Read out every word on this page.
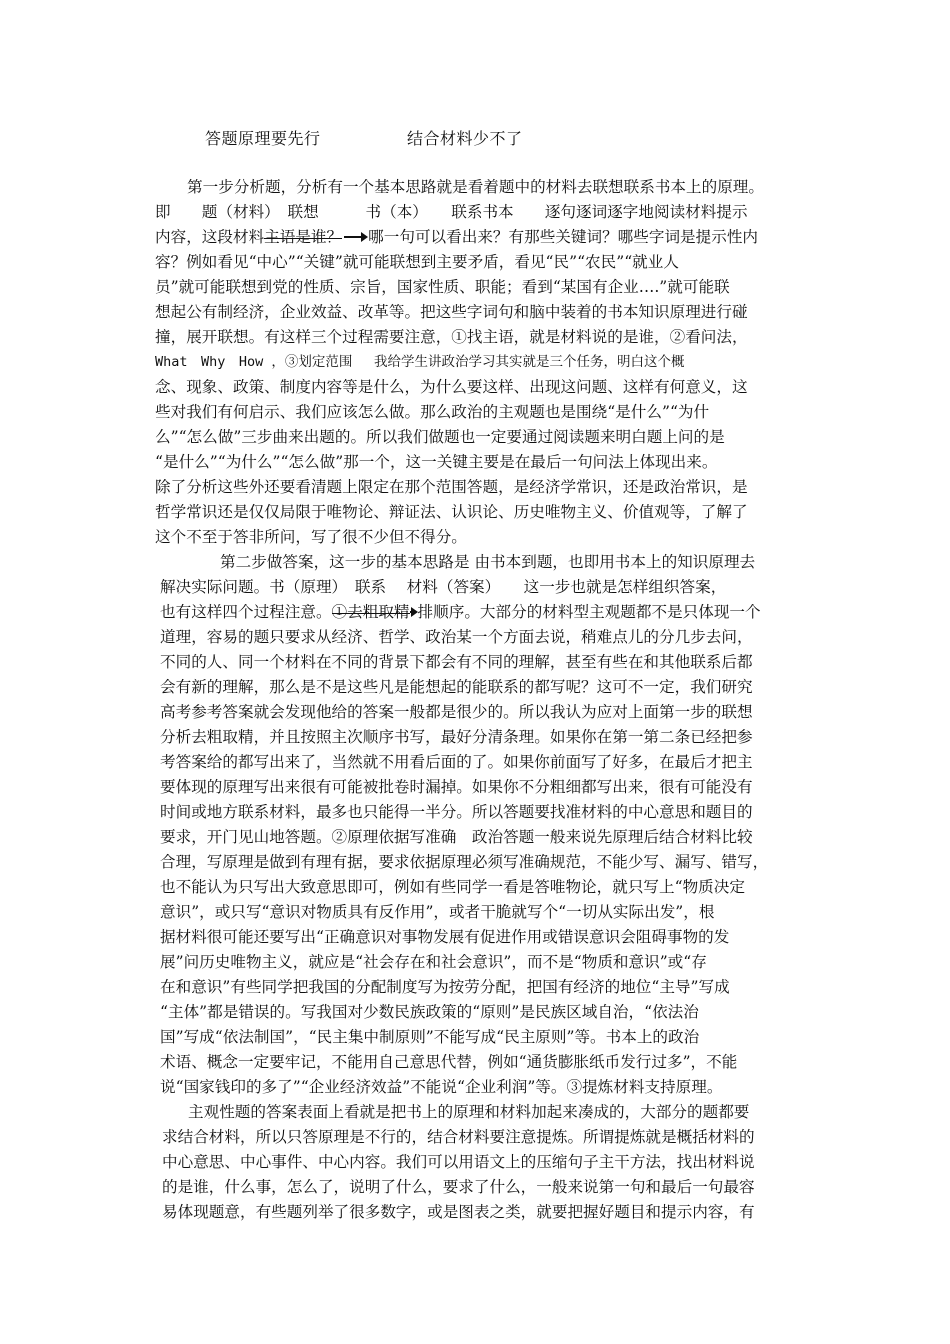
答题原理要先行	结合材料少不了
第一步分析题，分析有一个基本思路就是看着题中的材料去联想联系书本上的原理。
即　　题（材料）　联想　　　书（本）　　联系书本　　逐句逐词逐字地阅读材料提示
内容，这段材料主语是谁？ 哪一句可以看出来？有那些关键词？哪些字词是提示性内
容？例如看见“中心”“关键”就可能联想到主要矛盾，看见“民”“农民”“就业人
员”就可能联想到党的性质、宗旨，国家性质、职能；看到“某国有企业….”就可能联
想起公有制经济，企业效益、改革等。把这些字词句和脑中装着的书本知识原理进行碰
撞，展开联想。有这样三个过程需要注意，①找主语，就是材料说的是谁，②看问法，
What　Why　How ，③划定范围　 我给学生讲政治学习其实就是三个任务，明白这个概
念、现象、政策、制度内容等是什么，为什么要这样、出现这问题、这样有何意义，这
些对我们有何启示、我们应该怎么做。那么政治的主观题也是围绕“是什么”“为什
么”“怎么做”三步曲来出题的。所以我们做题也一定要通过阅读题来明白题上问的是
“是什么”“为什么”“怎么做”那一个，这一关键主要是在最后一句问法上体现出来。
除了分析这些外还要看清题上限定在那个范围答题，是经济学常识，还是政治常识，是
哲学常识还是仅仅局限于唯物论、辩证法、认识论、历史唯物主义、价值观等，了解了
这个不至于答非所问，写了很不少但不得分。
第二步做答案，这一步的基本思路是 由书本到题，也即用书本上的知识原理去
解决实际问题。书（原理）　联系　 材料（答案）　　这一步也就是怎样组织答案，
也有这样四个过程注意。①去粗取精 排顺序。大部分的材料型主观题都不是只体现一个
道理，容易的题只要求从经济、哲学、政治某一个方面去说，稍难点儿的分几步去问，
不同的人、同一个材料在不同的背景下都会有不同的理解，甚至有些在和其他联系后都
会有新的理解，那么是不是这些凡是能想起的能联系的都写呢？这可不一定，我们研究
高考参考答案就会发现他给的答案一般都是很少的。所以我认为应对上面第一步的联想
分析去粗取精，并且按照主次顺序书写，最好分清条理。如果你在第一第二条已经把参
考答案给的都写出来了，当然就不用看后面的了。如果你前面写了好多，在最后才把主
要体现的原理写出来很有可能被批卷时漏掉。如果你不分粗细都写出来，很有可能没有
时间或地方联系材料，最多也只能得一半分。所以答题要找准材料的中心意思和题目的
要求，开门见山地答题。②原理依据写准确　政治答题一般来说先原理后结合材料比较
合理，写原理是做到有理有据，要求依据原理必须写准确规范，不能少写、漏写、错写，
也不能认为只写出大致意思即可，例如有些同学一看是答唯物论，就只写上“物质决定
意识”，或只写“意识对物质具有反作用”，或者干脆就写个“一切从实际出发”，根
据材料很可能还要写出“正确意识对事物发展有促进作用或错误意识会阻碍事物的发
展”问历史唯物主义，就应是“社会存在和社会意识”，而不是“物质和意识”或“存
在和意识”有些同学把我国的分配制度写为按劳分配，把国有经济的地位“主导”写成
“主体”都是错误的。写我国对少数民族政策的“原则”是民族区域自治，“依法治
国”写成“依法制国”，“民主集中制原则”不能写成“民主原则”等。书本上的政治
术语、概念一定要牢记，不能用自己意思代替，例如“通货膨胀纸币发行过多”，不能
说“国家钱印的多了”“企业经济效益”不能说“企业利润”等。③提炼材料支持原理。
主观性题的答案表面上看就是把书上的原理和材料加起来凑成的，大部分的题都要
求结合材料，所以只答原理是不行的，结合材料要注意提炼。所谓提炼就是概括材料的
中心意思、中心事件、中心内容。我们可以用语文上的压缩句子主干方法，找出材料说
的是谁，什么事，怎么了，说明了什么，要求了什么，一般来说第一句和最后一句最容
易体现题意，有些题列举了很多数字，或是图表之类，就要把握好题目和提示内容，有
